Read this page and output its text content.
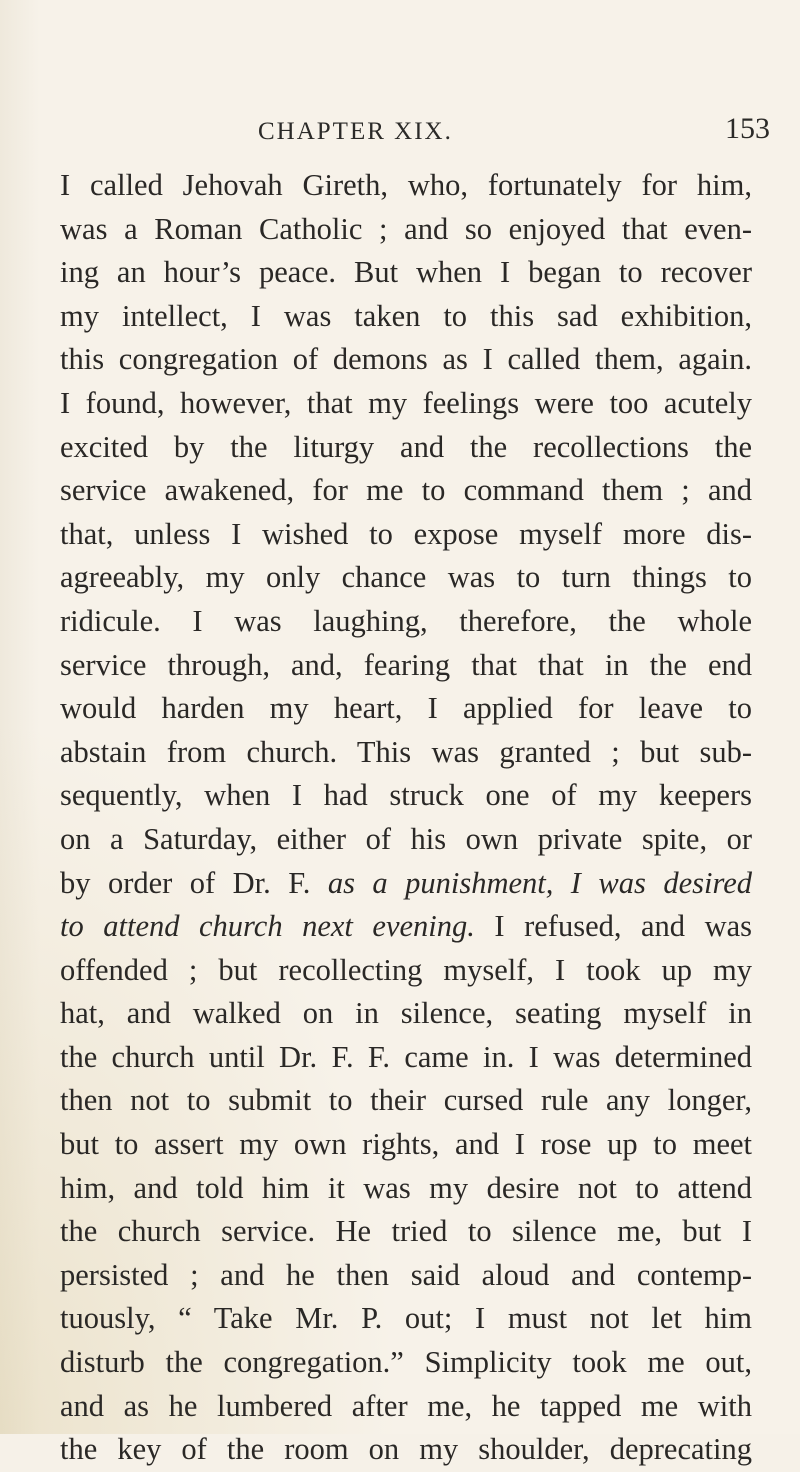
CHAPTER XIX.	153
I called Jehovah Gireth, who, fortunately for him,
was a Roman Catholic ; and so enjoyed that even-
ing an hour’s peace. But when I began to recover
my intellect, I was taken to this sad exhibition,
this congregation of demons as I called them, again.
I found, however, that my feelings were too acutely
excited by the liturgy and the recollections the
service awakened, for me to command them ; and
that, unless I wished to expose myself more dis-
agreeably, my only chance was to turn things to
ridicule. I was laughing, therefore, the whole
service through, and, fearing that that in the end
would harden my heart, I applied for leave to
abstain from church. This was granted ; but sub-
sequently, when I had struck one of my keepers
on a Saturday, either of his own private spite, or
by order of Dr. F. as a punishment, I was desired
to attend church next evening. I refused, and was
offended ; but recollecting myself, I took up my
hat, and walked on in silence, seating myself in
the church until Dr. F. F. came in. I was determined
then not to submit to their cursed rule any longer,
but to assert my own rights, and I rose up to meet
him, and told him it was my desire not to attend
the church service. He tried to silence me, but I
persisted ; and he then said aloud and contemp-
tuously, “ Take Mr. P. out; I must not let him
disturb the congregation.” Simplicity took me out,
and as he lumbered after me, he tapped me with
the key of the room on my shoulder, deprecating
